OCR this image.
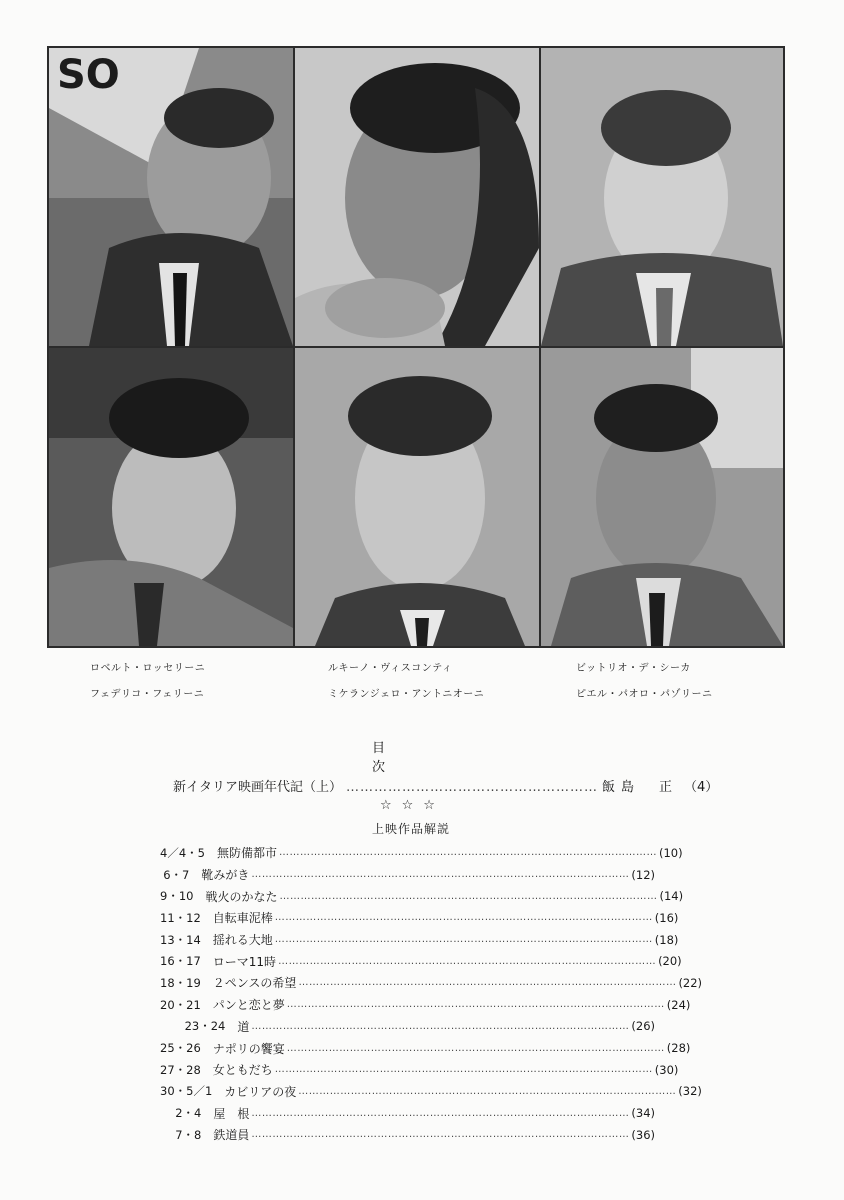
SO
ロベルト・ロッセリーニ	ルキーノ・ヴィスコンティ	ビットリオ・デ・シーカ
フェデリコ・フェリーニ	ミケランジェロ・アントニオーニ	ピエル・パオロ・パゾリーニ
目次
新イタリア映画年代記（上） ……………………………………………… 飯島　正 （4）
☆☆☆
上映作品解説
4／4・5 無防備都市 ……………………………………………………………………………………………… (10)
6・7 靴みがき ……………………………………………………………………………………………… (12)
9・10 戦火のかなた ……………………………………………………………………………………………… (14)
11・12 自転車泥棒 ……………………………………………………………………………………………… (16)
13・14 揺れる大地 ……………………………………………………………………………………………… (18)
16・17 ローマ11時 ……………………………………………………………………………………………… (20)
18・19 ２ペンスの希望 ……………………………………………………………………………………………… (22)
20・21 パンと恋と夢 ……………………………………………………………………………………………… (24)
23・24 道 ……………………………………………………………………………………………… (26)
25・26 ナポリの饗宴 ……………………………………………………………………………………………… (28)
27・28 女ともだち ……………………………………………………………………………………………… (30)
30・5／1 カビリアの夜 ……………………………………………………………………………………………… (32)
2・4 屋　根 ……………………………………………………………………………………………… (34)
7・8 鉄道員 ……………………………………………………………………………………………… (36)
